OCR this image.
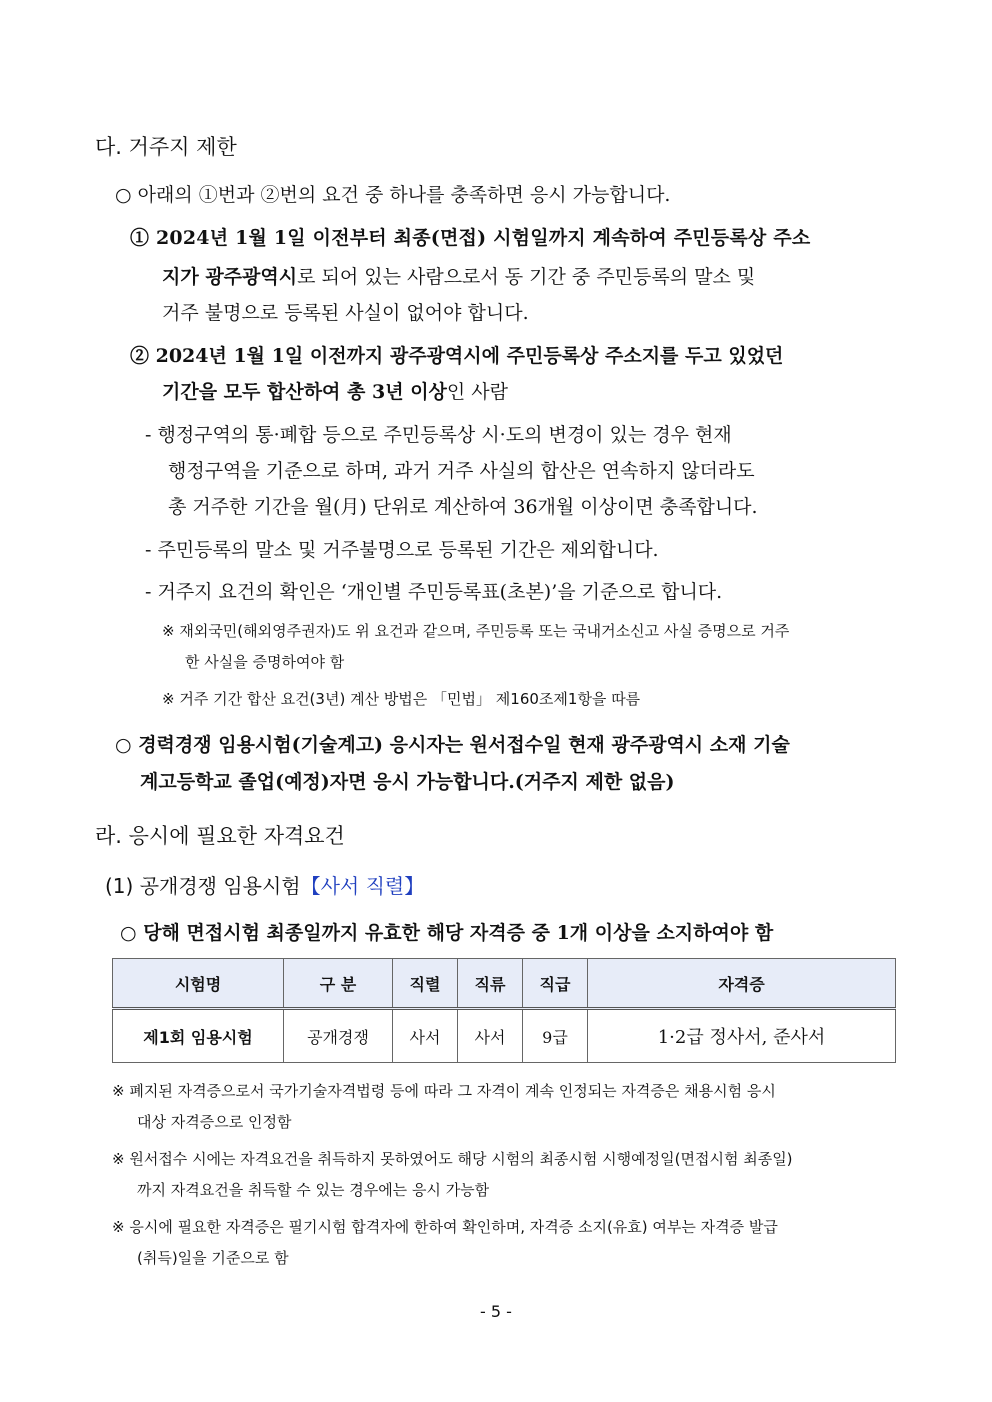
다. 거주지 제한
○ 아래의 ①번과 ②번의 요건 중 하나를 충족하면 응시 가능합니다.
① 2024년 1월 1일 이전부터 최종(면접) 시험일까지 계속하여 주민등록상 주소
지가 광주광역시로 되어 있는 사람으로서 동 기간 중 주민등록의 말소 및
거주 불명으로 등록된 사실이 없어야 합니다.
② 2024년 1월 1일 이전까지 광주광역시에 주민등록상 주소지를 두고 있었던
기간을 모두 합산하여 총 3년 이상인 사람
- 행정구역의 통·폐합 등으로 주민등록상 시·도의 변경이 있는 경우 현재
행정구역을 기준으로 하며, 과거 거주 사실의 합산은 연속하지 않더라도
총 거주한 기간을 월(月) 단위로 계산하여 36개월 이상이면 충족합니다.
- 주민등록의 말소 및 거주불명으로 등록된 기간은 제외합니다.
- 거주지 요건의 확인은 ‘개인별 주민등록표(초본)’을 기준으로 합니다.
※ 재외국민(해외영주권자)도 위 요건과 같으며, 주민등록 또는 국내거소신고 사실 증명으로 거주
한 사실을 증명하여야 함
※ 거주 기간 합산 요건(3년) 계산 방법은 「민법」 제160조제1항을 따름
○ 경력경쟁 임용시험(기술계고) 응시자는 원서접수일 현재 광주광역시 소재 기술
계고등학교 졸업(예정)자면 응시 가능합니다.(거주지 제한 없음)
라. 응시에 필요한 자격요건
(1) 공개경쟁 임용시험【사서 직렬】
○ 당해 면접시험 최종일까지 유효한 해당 자격증 중 1개 이상을 소지하여야 함
시험명	구 분	직렬	직류	직급	자격증
제1회 임용시험	공개경쟁	사서	사서	9급	1·2급 정사서, 준사서
※ 폐지된 자격증으로서 국가기술자격법령 등에 따라 그 자격이 계속 인정되는 자격증은 채용시험 응시
대상 자격증으로 인정함
※ 원서접수 시에는 자격요건을 취득하지 못하였어도 해당 시험의 최종시험 시행예정일(면접시험 최종일)
까지 자격요건을 취득할 수 있는 경우에는 응시 가능함
※ 응시에 필요한 자격증은 필기시험 합격자에 한하여 확인하며, 자격증 소지(유효) 여부는 자격증 발급
(취득)일을 기준으로 함
- 5 -
